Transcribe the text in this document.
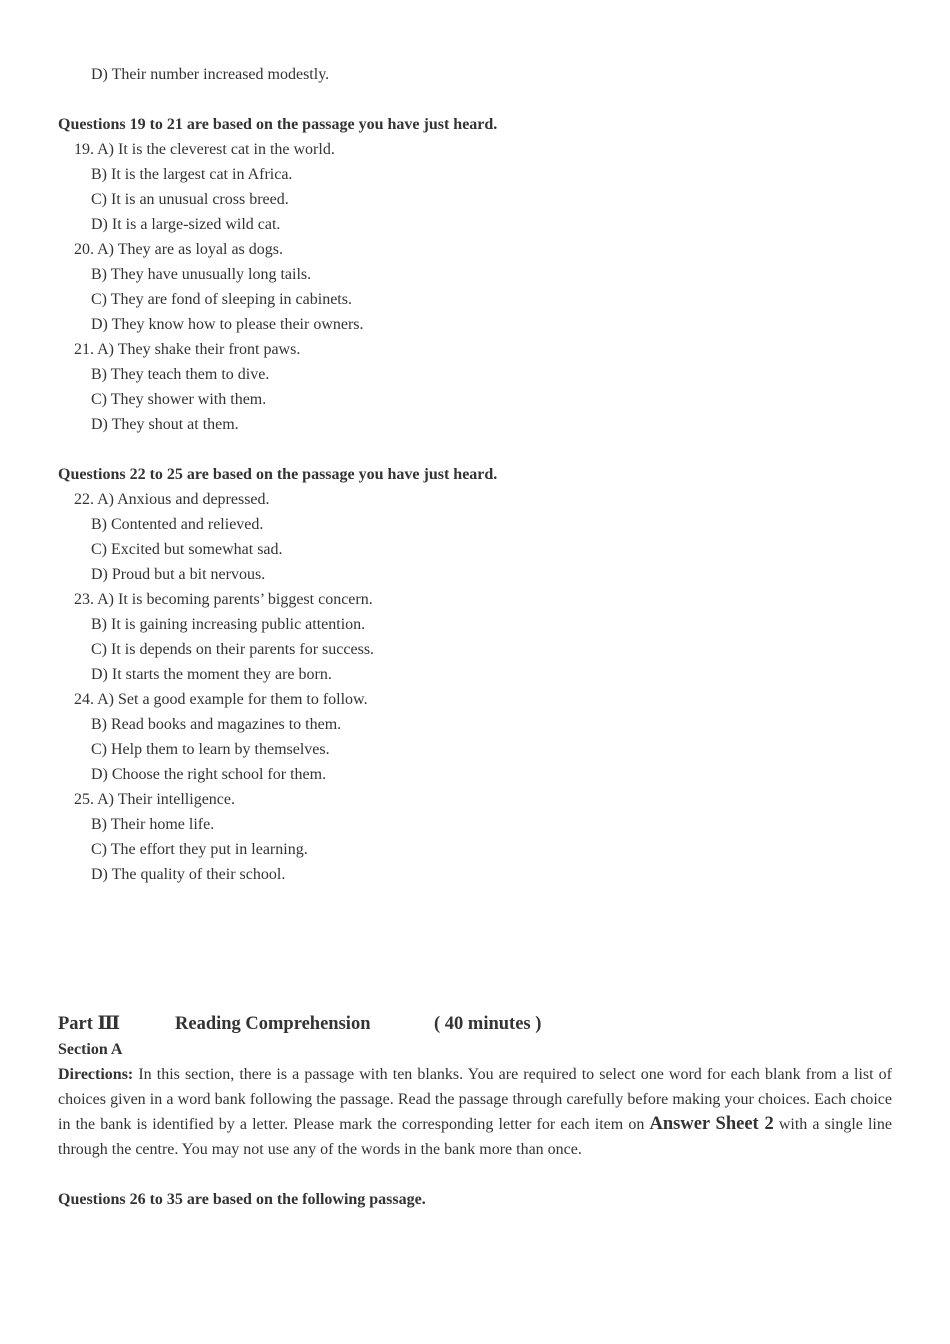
D) Their number increased modestly.
Questions 19 to 21 are based on the passage you have just heard.
19. A) It is the cleverest cat in the world.
B) It is the largest cat in Africa.
C) It is an unusual cross breed.
D) It is a large-sized wild cat.
20. A) They are as loyal as dogs.
B) They have unusually long tails.
C) They are fond of sleeping in cabinets.
D) They know how to please their owners.
21. A) They shake their front paws.
B) They teach them to dive.
C) They shower with them.
D) They shout at them.
Questions 22 to 25 are based on the passage you have just heard.
22. A) Anxious and depressed.
B) Contented and relieved.
C) Excited but somewhat sad.
D) Proud but a bit nervous.
23. A) It is becoming parents’ biggest concern.
B) It is gaining increasing public attention.
C) It is depends on their parents for success.
D) It starts the moment they are born.
24. A) Set a good example for them to follow.
B) Read books and magazines to them.
C) Help them to learn by themselves.
D) Choose the right school for them.
25. A) Their intelligence.
B) Their home life.
C) The effort they put in learning.
D) The quality of their school.
Part Ⅲ	Reading Comprehension	( 40 minutes )
Section A
Directions: In this section, there is a passage with ten blanks. You are required to select one word for each blank from a list of choices given in a word bank following the passage. Read the passage through carefully before making your choices. Each choice in the bank is identified by a letter. Please mark the corresponding letter for each item on Answer Sheet 2 with a single line through the centre. You may not use any of the words in the bank more than once.
Questions 26 to 35 are based on the following passage.
